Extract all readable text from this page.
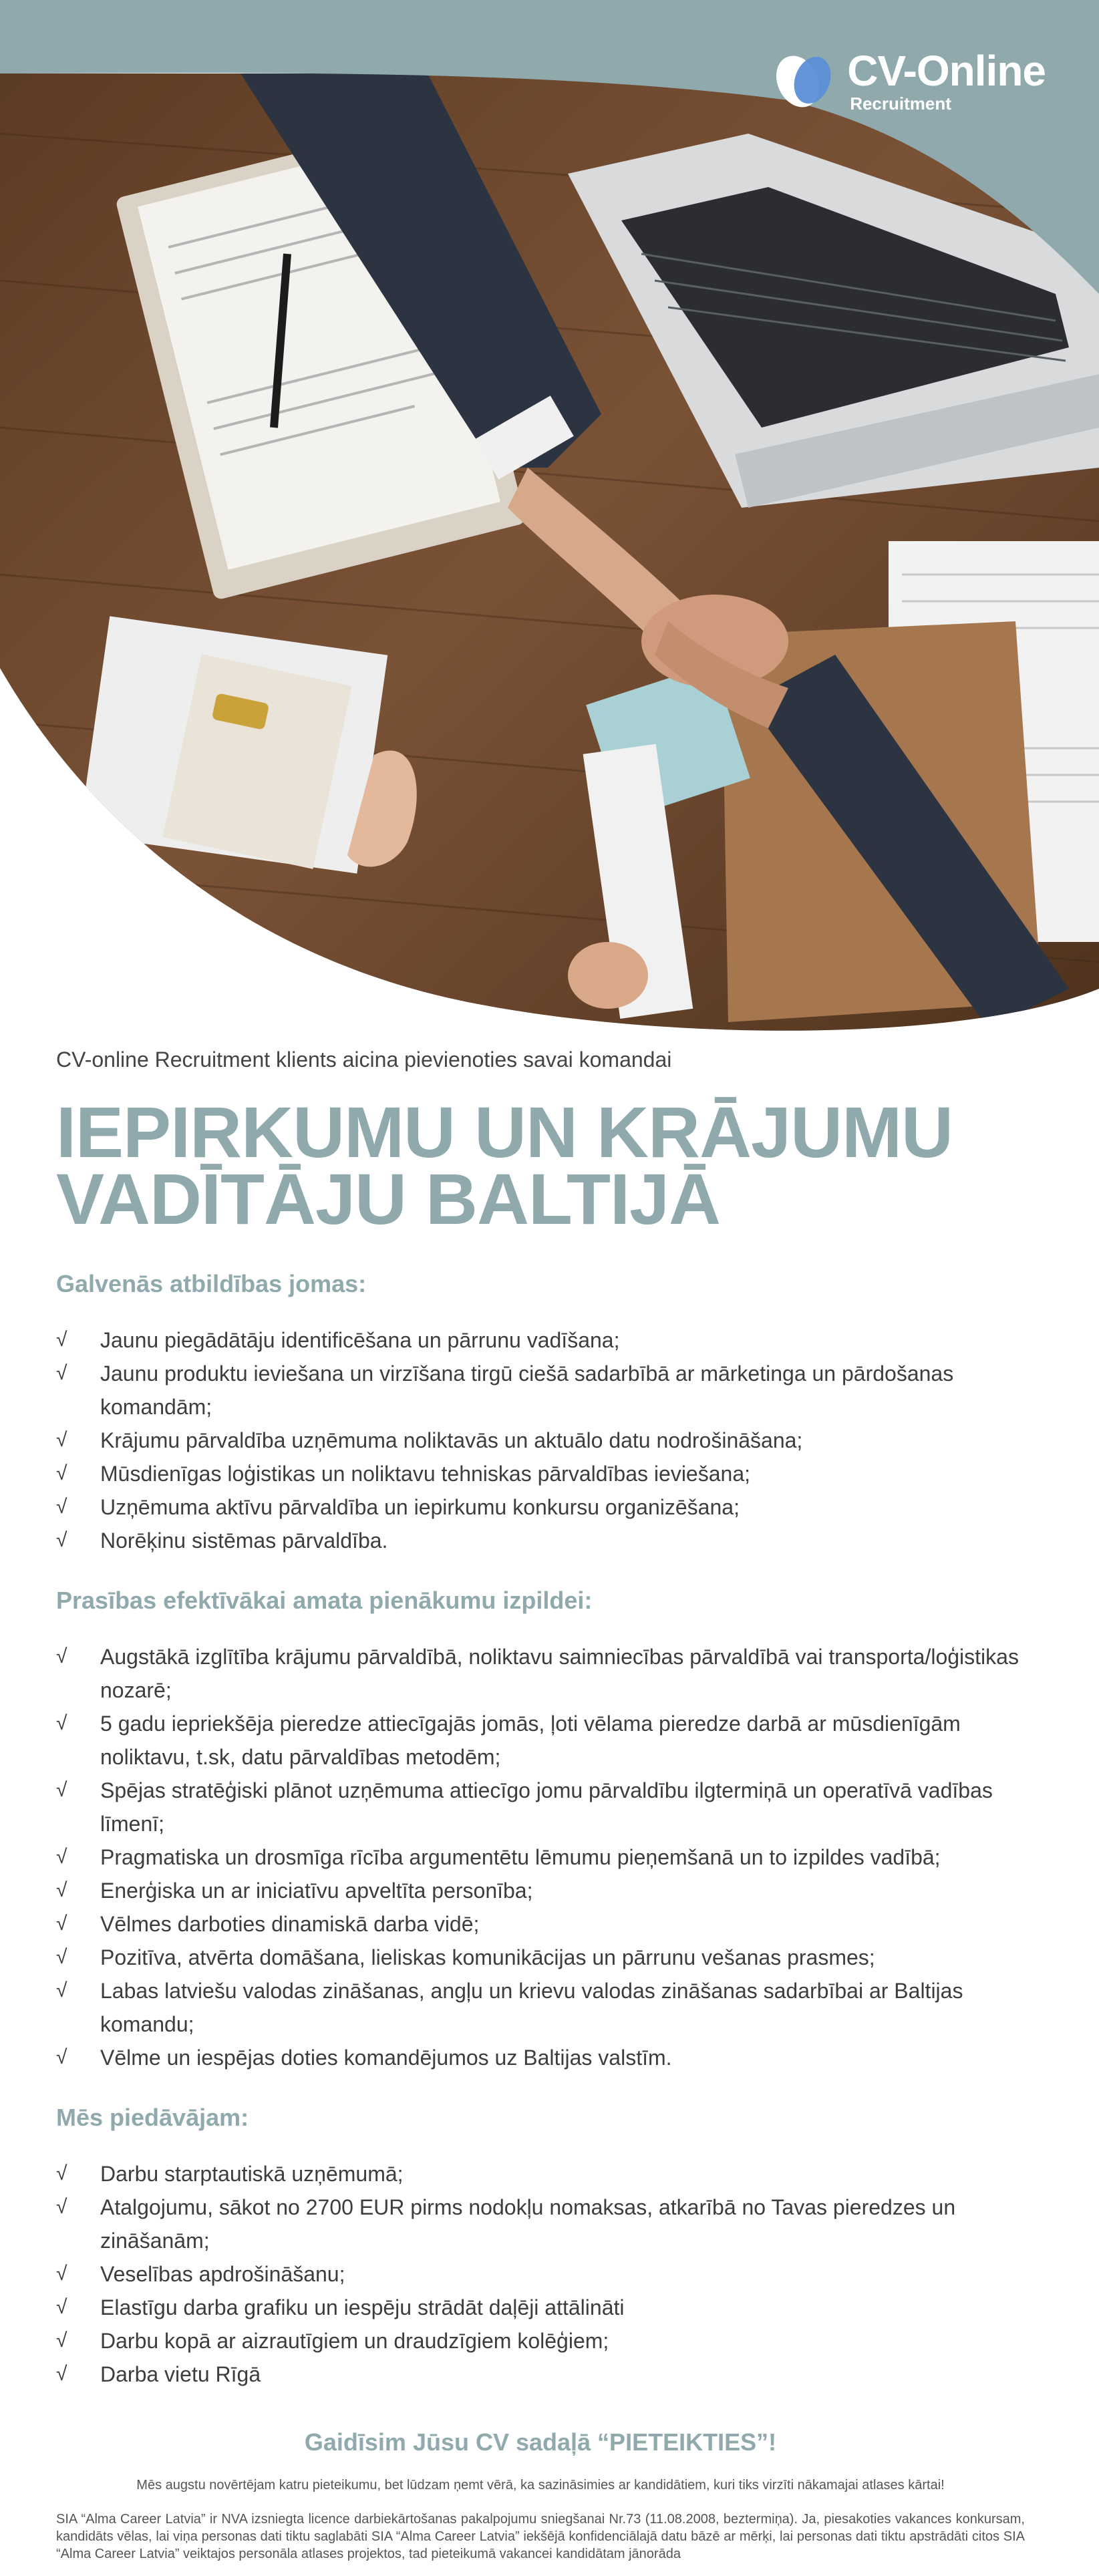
CV-Online
Recruitment

CV-online Recruitment klients aicina pievienoties savai komandai

IEPIRKUMU UN KRĀJUMU
VADĪTĀJU BALTIJĀ
Galvenās atbildības jomas:
√	Jaunu piegādātāju identificēšana un pārrunu vadīšana;
√	Jaunu produktu ieviešana un virzīšana tirgū ciešā sadarbībā ar mārketinga un pārdošanas komandām;
√	Krājumu pārvaldība uzņēmuma noliktavās un aktuālo datu nodrošināšana;
√	Mūsdienīgas loģistikas un noliktavu tehniskas pārvaldības ieviešana;
√	Uzņēmuma aktīvu pārvaldība un iepirkumu konkursu organizēšana;
√	Norēķinu sistēmas pārvaldība.
Prasības efektīvākai amata pienākumu izpildei:
√	Augstākā izglītība krājumu pārvaldībā, noliktavu saimniecības pārvaldībā vai transporta/loģistikas nozarē;
√	5 gadu iepriekšēja pieredze attiecīgajās jomās, ļoti vēlama pieredze darbā ar mūsdienīgām noliktavu, t.sk, datu pārvaldības metodēm;
√	Spējas stratēģiski plānot uzņēmuma attiecīgo jomu pārvaldību ilgtermiņā un operatīvā vadības līmenī;
√	Pragmatiska un drosmīga rīcība argumentētu lēmumu pieņemšanā un to izpildes vadībā;
√	Enerģiska un ar iniciatīvu apveltīta personība;
√	Vēlmes darboties dinamiskā darba vidē;
√	Pozitīva, atvērta domāšana, lieliskas komunikācijas un pārrunu vešanas prasmes;
√	Labas latviešu valodas zināšanas, angļu un krievu valodas zināšanas sadarbībai ar Baltijas komandu;
√	Vēlme un iespējas doties komandējumos uz Baltijas valstīm.
Mēs piedāvājam:
√	Darbu starptautiskā uzņēmumā;
√	Atalgojumu, sākot no 2700 EUR pirms nodokļu nomaksas, atkarībā no Tavas pieredzes un zināšanām;
√	Veselības apdrošināšanu;
√	Elastīgu darba grafiku un iespēju strādāt daļēji attālināti
√	Darbu kopā ar aizrautīgiem un draudzīgiem kolēģiem;
√	Darba vietu Rīgā

Gaidīsim Jūsu CV sadaļā “PIETEIKTIES”!

Mēs augstu novērtējam katru pieteikumu, bet lūdzam ņemt vērā, ka sazināsimies ar kandidātiem, kuri tiks virzīti nākamajai atlases kārtai!

SIA “Alma Career Latvia” ir NVA izsniegta licence darbiekārtošanas pakalpojumu sniegšanai Nr.73 (11.08.2008, beztermiņa). Ja, piesakoties vakances konkursam, kandidāts vēlas, lai viņa personas dati tiktu saglabāti SIA “Alma Career Latvia” iekšējā konfidenciālajā datu bāzē ar mērķi, lai personas dati tiktu apstrādāti citos SIA “Alma Career Latvia” veiktajos personāla atlases projektos, tad pieteikumā vakancei kandidātam jānorāda
